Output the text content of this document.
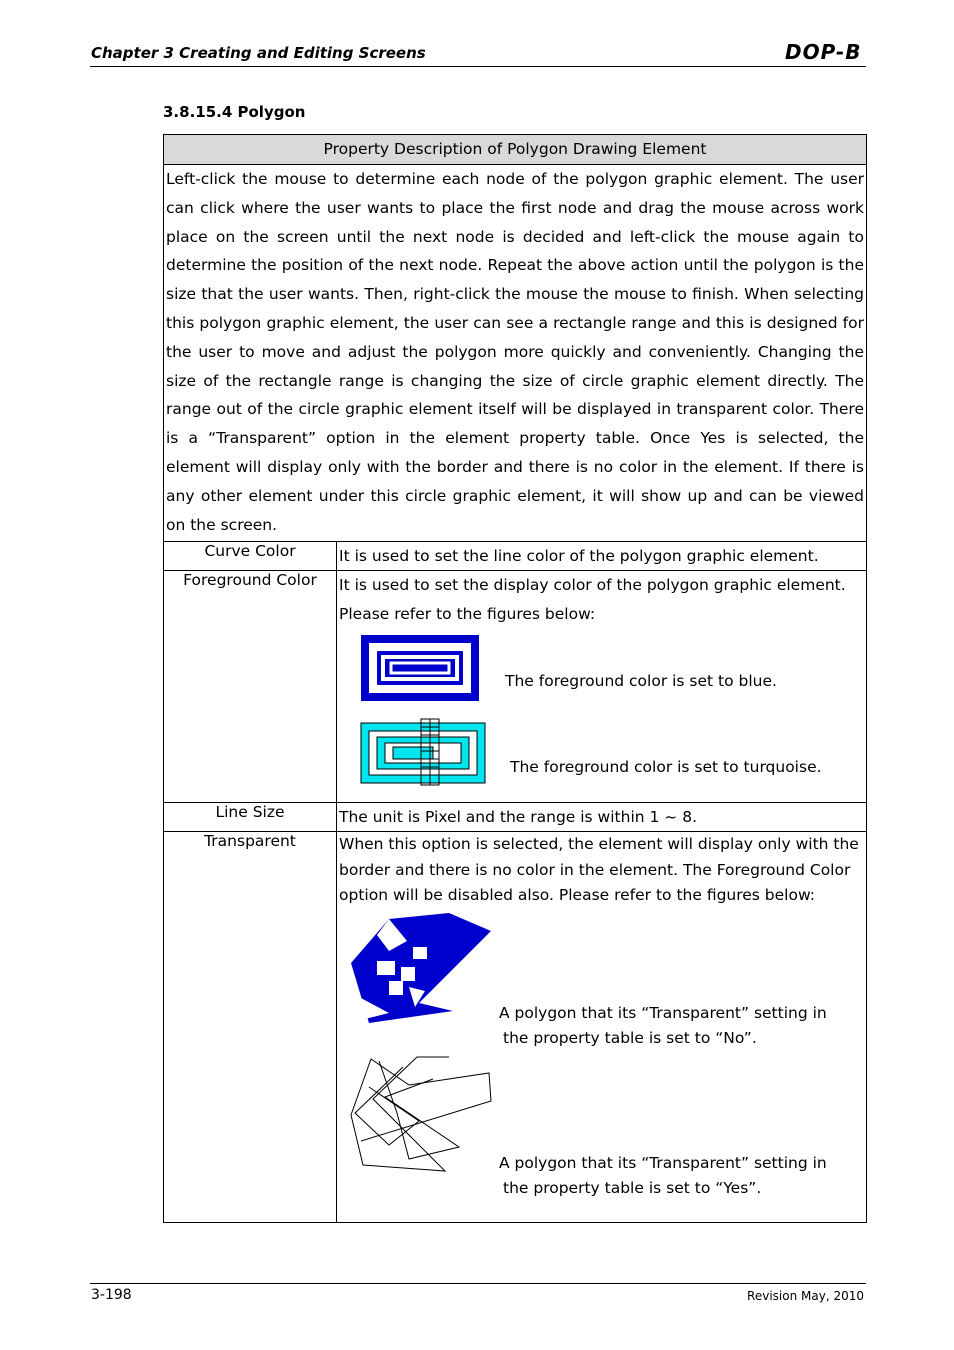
Chapter 3 Creating and Editing Screens	DOP-B
3.8.15.4 Polygon
Property Description of Polygon Drawing Element	
Left-click the mouse to determine each node of the polygon graphic element. The user can click where the user wants to place the first node and drag the mouse across work place on the screen until the next node is decided and left-click the mouse again to determine the position of the next node. Repeat the above action until the polygon is the size that the user wants. Then, right-click the mouse the mouse to finish. When selecting this polygon graphic element, the user can see a rectangle range and this is designed for the user to move and adjust the polygon more quickly and conveniently. Changing the size of the rectangle range is changing the size of circle graphic element directly. The range out of the circle graphic element itself will be displayed in transparent color. There is a “Transparent” option in the element property table. Once Yes is selected, the element will display only with the border and there is no color in the element. If there is any other element under this circle graphic element, it will show up and can be viewed on the screen.	
Curve Color	It is used to set the line color of the polygon graphic element.
Foreground Color	It is used to set the display color of the polygon graphic element. Please refer to the figures below:
The foreground color is set to blue.
The foreground color is set to turquoise.

Line Size	The unit is Pixel and the range is within 1 ~ 8.
Transparent	When this option is selected, the element will display only with the border and there is no color in the element. The Foreground Color option will be disabled also. Please refer to the figures below:
A polygon that its “Transparent” setting in
the property table is set to “No”.
A polygon that its “Transparent” setting in
the property table is set to “Yes”.
3-198	Revision May, 2010
